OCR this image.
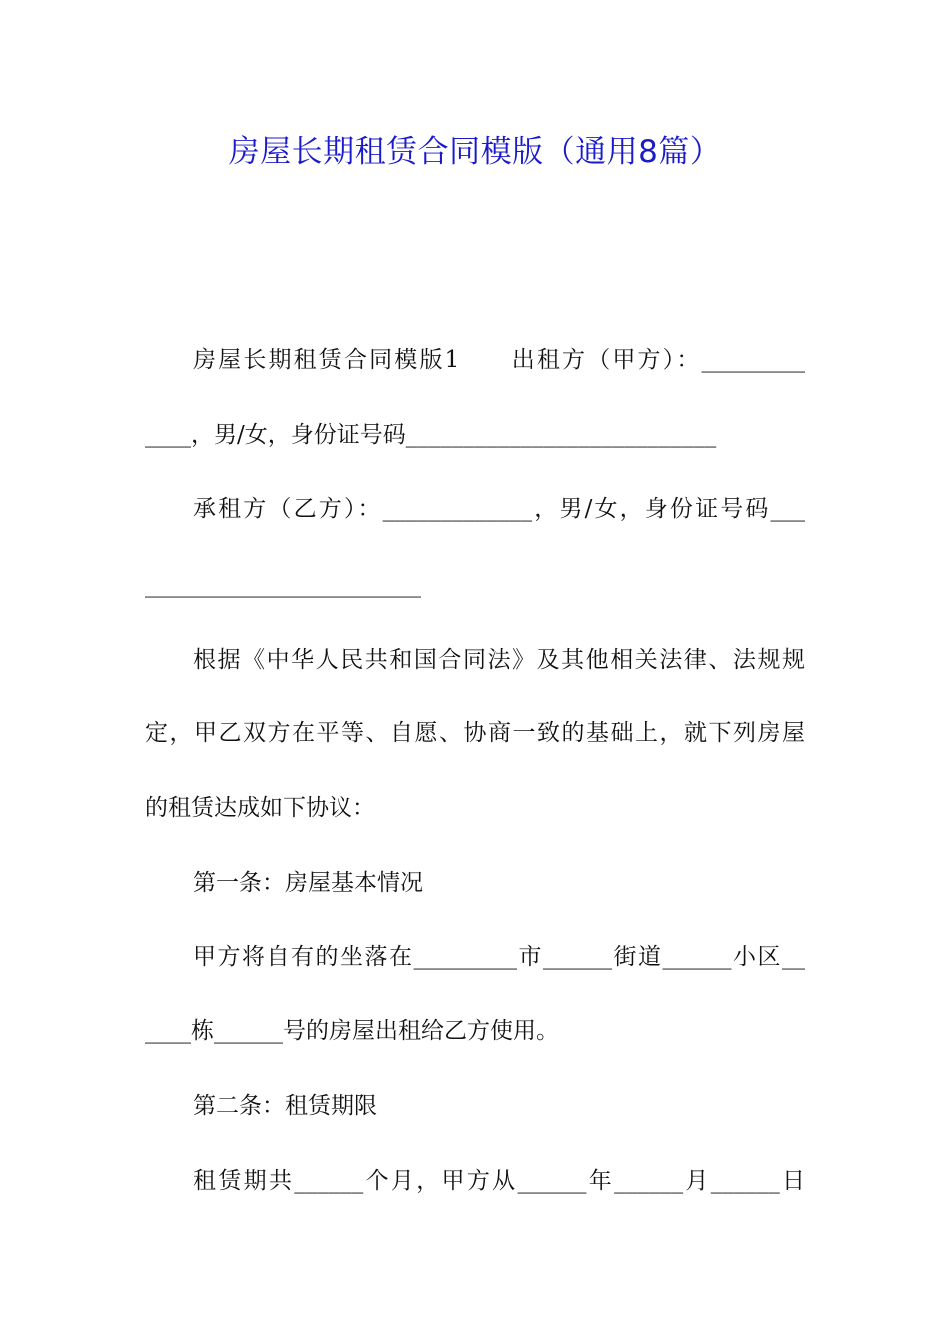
房屋长期租赁合同模版（通用8篇）
房屋长期租赁合同模版1　　出租方（甲方）：_________
____，男/女，身份证号码___________________________
承租方（乙方）：_____________，男/女，身份证号码___
________________________
根据《中华人民共和国合同法》及其他相关法律、法规规
定，甲乙双方在平等、自愿、协商一致的基础上，就下列房屋
的租赁达成如下协议：
第一条：房屋基本情况
甲方将自有的坐落在_________市______街道______小区__
____栋______号的房屋出租给乙方使用。
第二条：租赁期限
租赁期共______个月，甲方从______年______月______日
